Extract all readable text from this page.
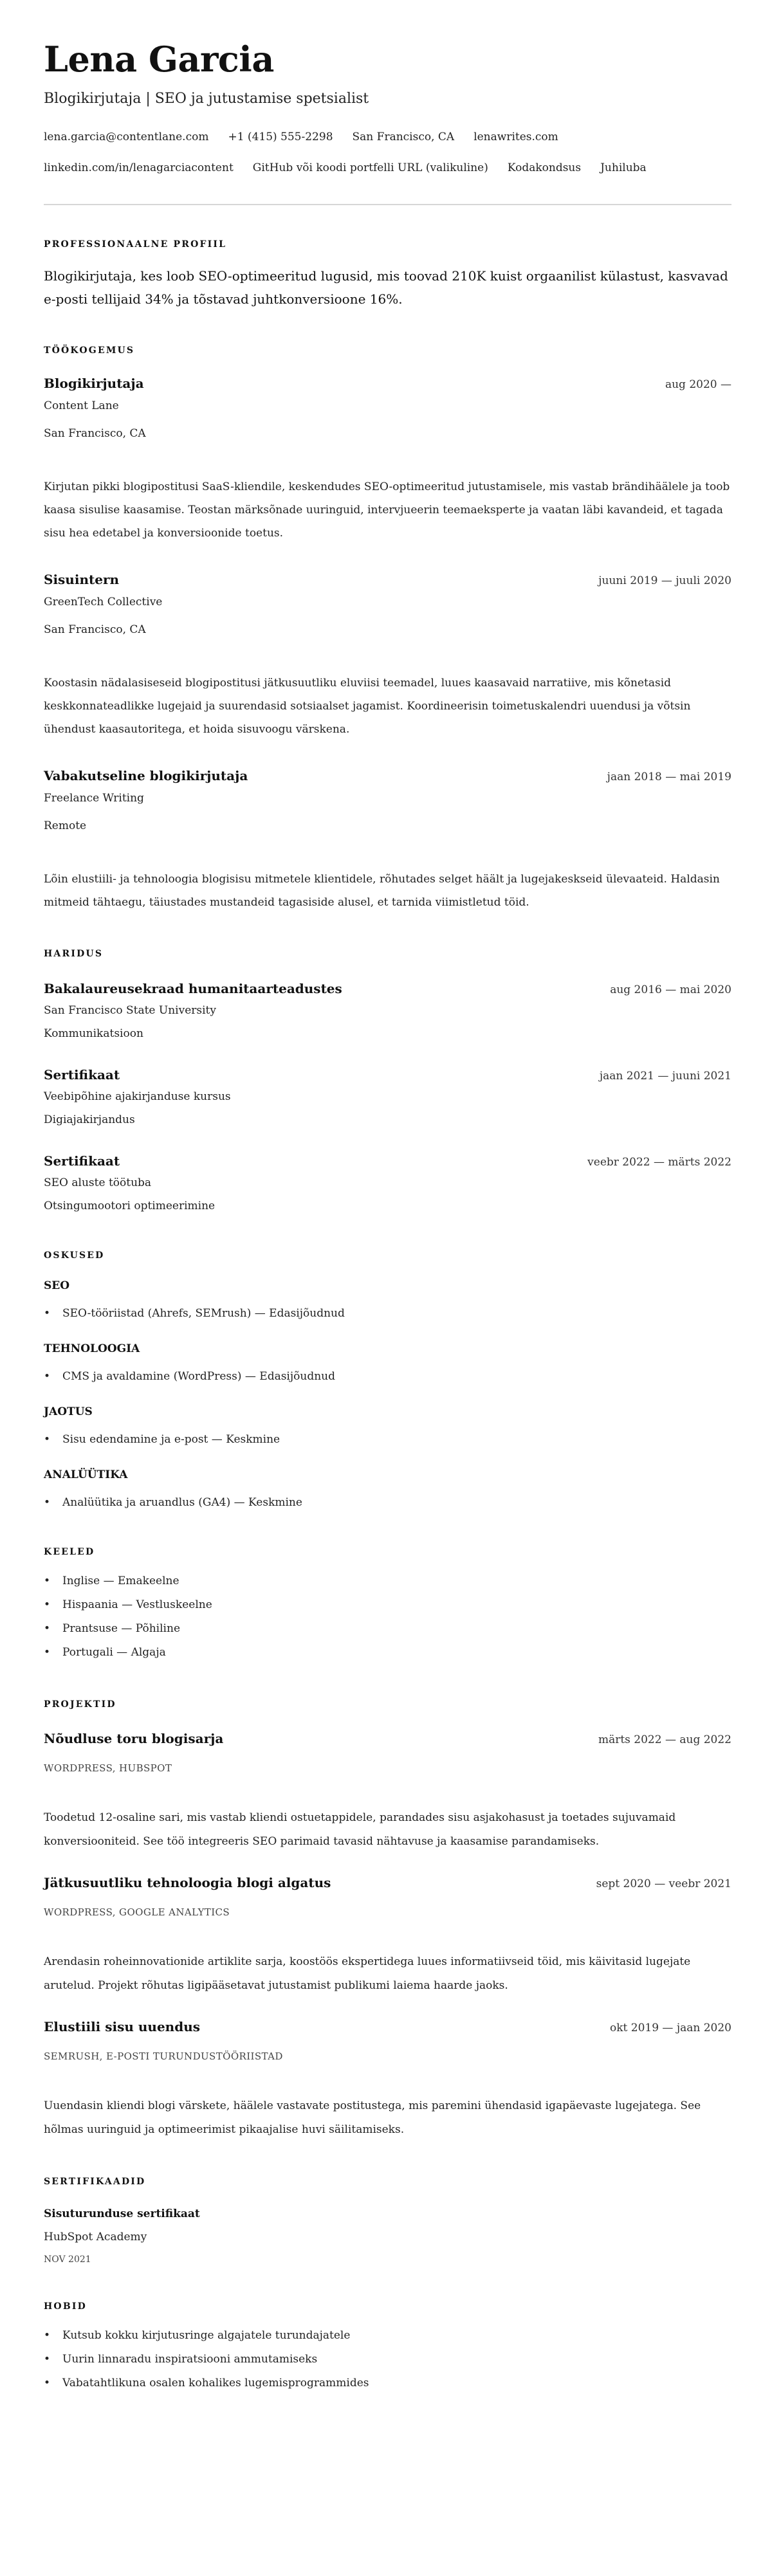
Lena Garcia
Blogikirjutaja | SEO ja jutustamise spetsialist
lena.garcia@contentlane.com +1 (415) 555-2298 San Francisco, CA lenawrites.com
linkedin.com/in/lenagarciacontent GitHub või koodi portfelli URL (valikuline) Kodakondsus Juhiluba
PROFESSIONAALNE PROFIIL

Blogikirjutaja, kes loob SEO-optimeeritud lugusid, mis toovad 210K kuist orgaanilist külastust, kasvavad e-posti tellijaid 34% ja tõstavad juhtkonversioone 16%.

TÖÖKOGEMUS
Blogikirjutaja	aug 2020 —
Content Lane
San Francisco, CA
Kirjutan pikki blogipostitusi SaaS-kliendile, keskendudes SEO-optimeeritud jutustamisele, mis vastab brändihäälele ja toob kaasa sisulise kaasamise. Teostan märksõnade uuringuid, intervjueerin teemaeksperte ja vaatan läbi kavandeid, et tagada sisu hea edetabel ja konversioonide toetus.
Sisuintern	juuni 2019 — juuli 2020
GreenTech Collective
San Francisco, CA
Koostasin nädalasiseseid blogipostitusi jätkusuutliku eluviisi teemadel, luues kaasavaid narratiive, mis kõnetasid keskkonnateadlikke lugejaid ja suurendasid sotsiaalset jagamist. Koordineerisin toimetuskalendri uuendusi ja võtsin ühendust kaasautoritega, et hoida sisuvoogu värskena.
Vabakutseline blogikirjutaja	jaan 2018 — mai 2019
Freelance Writing
Remote
Lõin elustiili- ja tehnoloogia blogisisu mitmetele klientidele, rõhutades selget häält ja lugejakeskseid ülevaateid. Haldasin mitmeid tähtaegu, täiustades mustandeid tagasiside alusel, et tarnida viimistletud töid.
HARIDUS
Bakalaureusekraad humanitaarteadustes	aug 2016 — mai 2020
San Francisco State University
Kommunikatsioon
Sertifikaat	jaan 2021 — juuni 2021
Veebipõhine ajakirjanduse kursus
Digiajakirjandus
Sertifikaat	veebr 2022 — märts 2022
SEO aluste töötuba
Otsingumootori optimeerimine
OSKUSED
SEO
• SEO-tööriistad (Ahrefs, SEMrush) — Edasijõudnud
TEHNOLOOGIA
• CMS ja avaldamine (WordPress) — Edasijõudnud
JAOTUS
• Sisu edendamine ja e-post — Keskmine
ANALÜÜTIKA
• Analüütika ja aruandlus (GA4) — Keskmine
KEELED
• Inglise — Emakeelne
• Hispaania — Vestluskeelne
• Prantsuse — Põhiline
• Portugali — Algaja
PROJEKTID
Nõudluse toru blogisarja	märts 2022 — aug 2022
WORDPRESS, HUBSPOT
Toodetud 12-osaline sari, mis vastab kliendi ostuetappidele, parandades sisu asjakohasust ja toetades sujuvamaid konversiooniteid. See töö integreeris SEO parimaid tavasid nähtavuse ja kaasamise parandamiseks.
Jätkusuutliku tehnoloogia blogi algatus	sept 2020 — veebr 2021
WORDPRESS, GOOGLE ANALYTICS
Arendasin roheinnovationide artiklite sarja, koostöös ekspertidega luues informatiivseid töid, mis käivitasid lugejate arutelud. Projekt rõhutas ligipääsetavat jutustamist publikumi laiema haarde jaoks.
Elustiili sisu uuendus	okt 2019 — jaan 2020
SEMRUSH, E-POSTI TURUNDUSTÖÖRIISTAD
Uuendasin kliendi blogi värskete, häälele vastavate postitustega, mis paremini ühendasid igapäevaste lugejatega. See hõlmas uuringuid ja optimeerimist pikaajalise huvi säilitamiseks.
SERTIFIKAADID
Sisuturunduse sertifikaat
HubSpot Academy
NOV 2021
HOBID
• Kutsub kokku kirjutusringe algajatele turundajatele
• Uurin linnaradu inspiratsiooni ammutamiseks
• Vabatahtlikuna osalen kohalikes lugemisprogrammides
